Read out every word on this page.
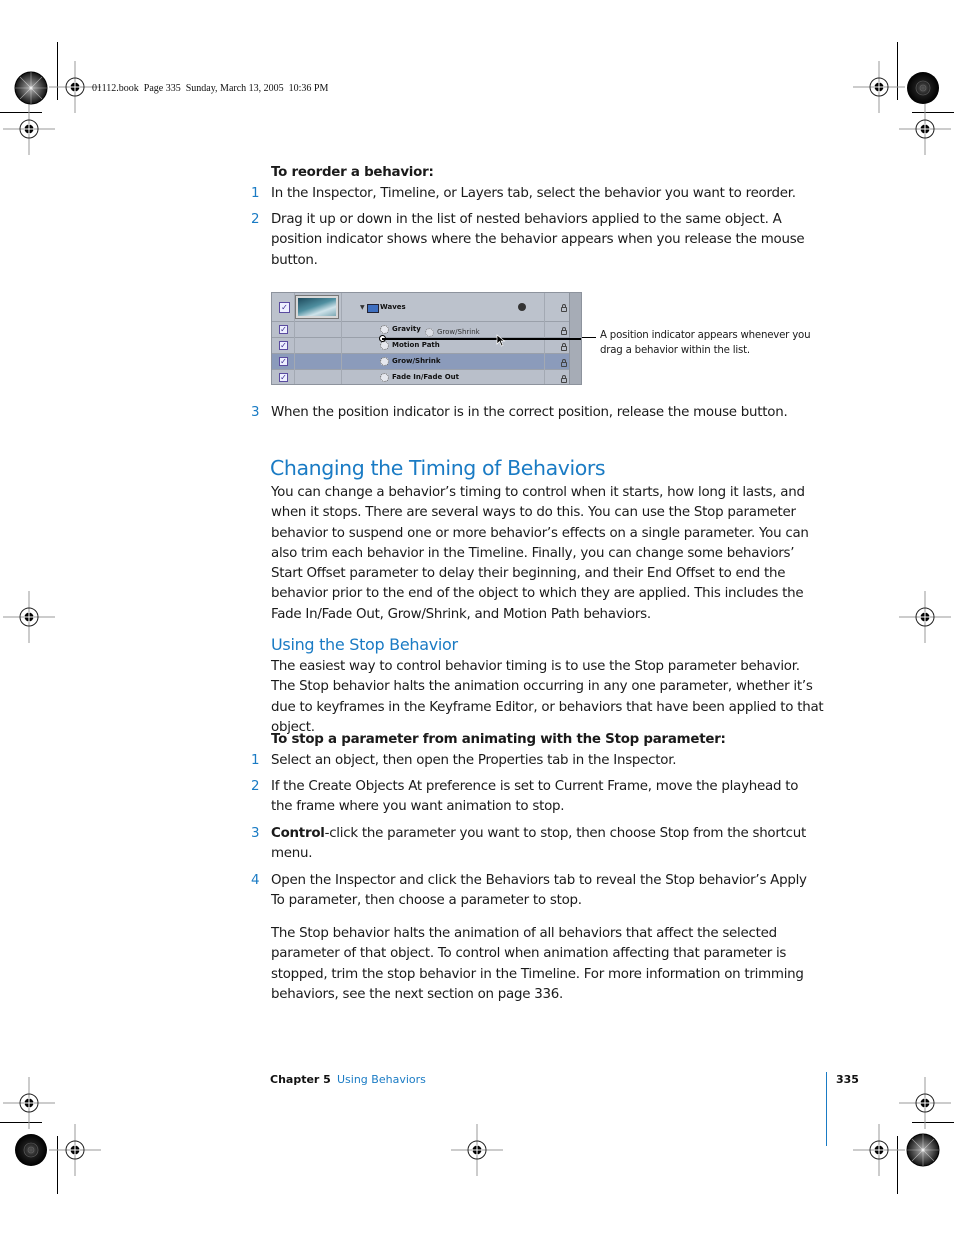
01112.book  Page 335  Sunday, March 13, 2005  10:36 PM
To reorder a behavior:
1 In the Inspector, Timeline, or Layers tab, select the behavior you want to reorder.
2 Drag it up or down in the list of nested behaviors applied to the same object. A position indicator shows where the behavior appears when you release the mouse button.
✓	▼ Waves
✓	Gravity Grow/Shrink
✓	Motion Path
✓	Grow/Shrink
✓	Fade In/Fade Out
A position indicator appears whenever you drag a behavior within the list.
3 When the position indicator is in the correct position, release the mouse button.
Changing the Timing of Behaviors
You can change a behavior’s timing to control when it starts, how long it lasts, and when it stops. There are several ways to do this. You can use the Stop parameter behavior to suspend one or more behavior’s effects on a single parameter. You can also trim each behavior in the Timeline. Finally, you can change some behaviors’ Start Offset parameter to delay their beginning, and their End Offset to end the behavior prior to the end of the object to which they are applied. This includes the Fade In/Fade Out, Grow/Shrink, and Motion Path behaviors.
Using the Stop Behavior
The easiest way to control behavior timing is to use the Stop parameter behavior. The Stop behavior halts the animation occurring in any one parameter, whether it’s due to keyframes in the Keyframe Editor, or behaviors that have been applied to that object.
To stop a parameter from animating with the Stop parameter:
1 Select an object, then open the Properties tab in the Inspector.
2 If the Create Objects At preference is set to Current Frame, move the playhead to the frame where you want animation to stop.
3 Control-click the parameter you want to stop, then choose Stop from the shortcut menu.
4 Open the Inspector and click the Behaviors tab to reveal the Stop behavior’s Apply To parameter, then choose a parameter to stop.
The Stop behavior halts the animation of all behaviors that affect the selected parameter of that object. To control when animation affecting that parameter is stopped, trim the stop behavior in the Timeline. For more information on trimming behaviors, see the next section on page 336.
Chapter 5 Using Behaviors	335
